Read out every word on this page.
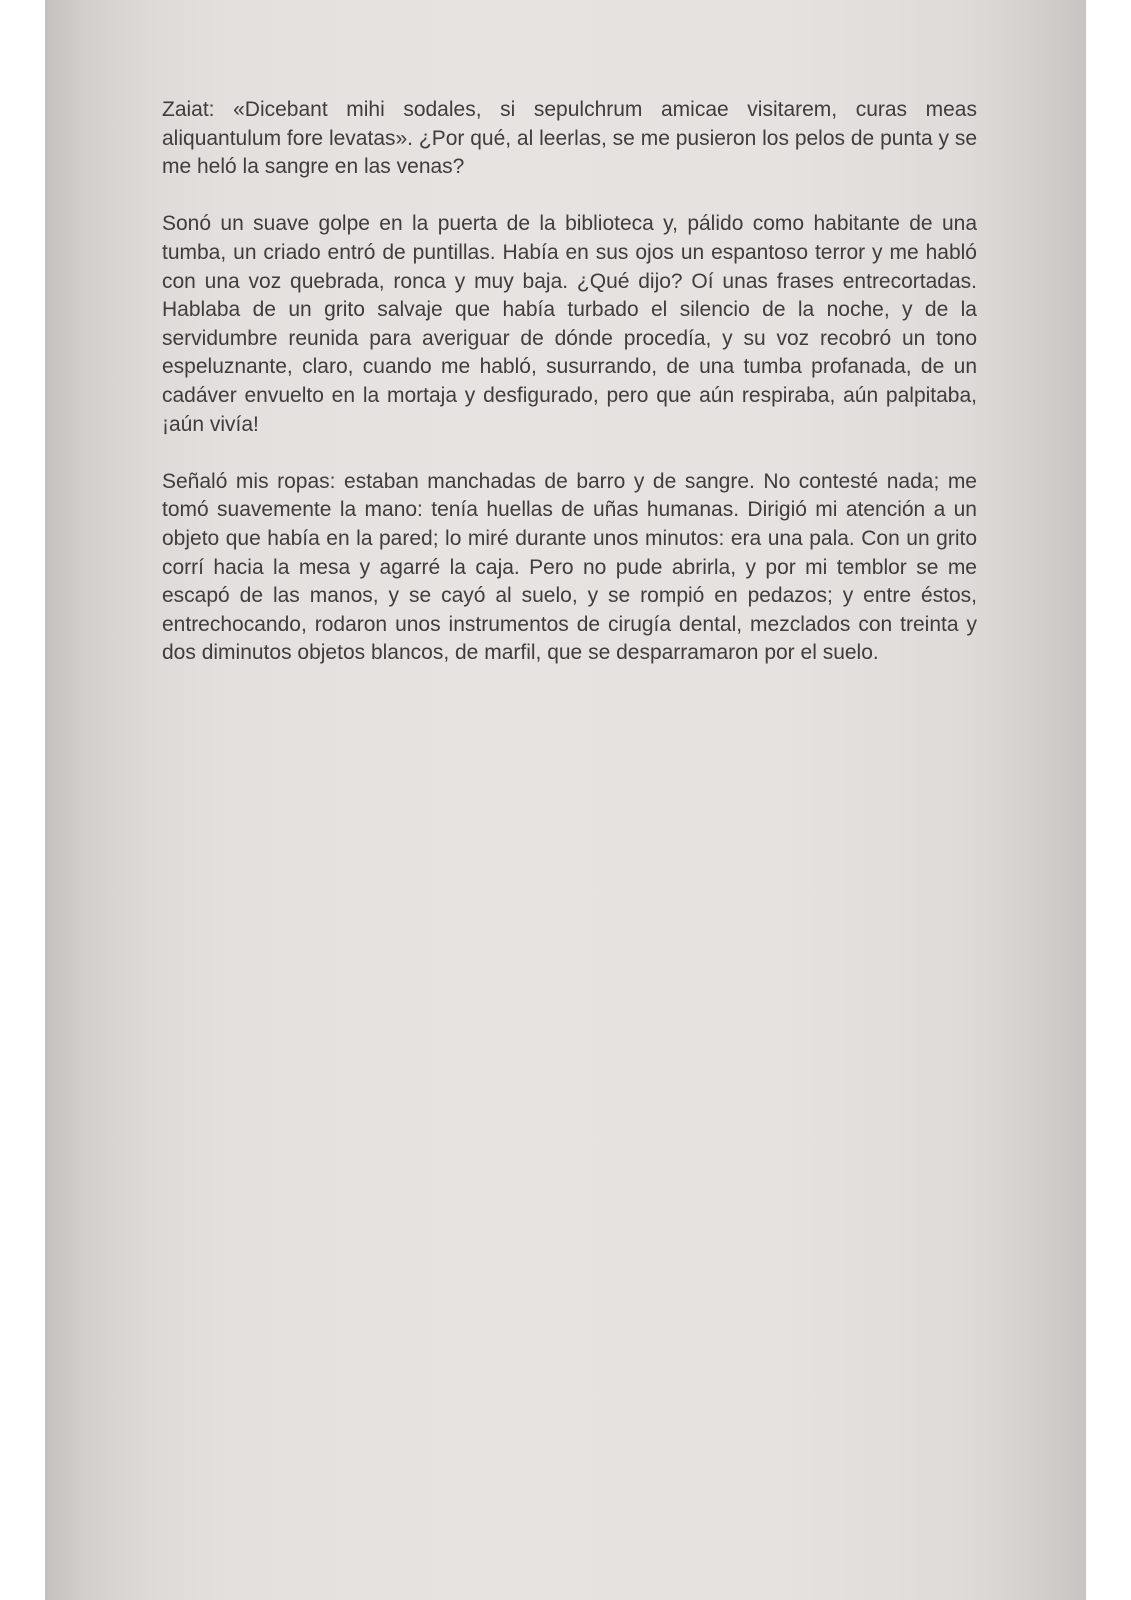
Zaiat: «Dicebant mihi sodales, si sepulchrum amicae visitarem, curas meas aliquantulum fore levatas». ¿Por qué, al leerlas, se me pusieron los pelos de punta y se me heló la sangre en las venas?

Sonó un suave golpe en la puerta de la biblioteca y, pálido como habitante de una tumba, un criado entró de puntillas. Había en sus ojos un espantoso terror y me habló con una voz quebrada, ronca y muy baja. ¿Qué dijo? Oí unas frases entrecortadas. Hablaba de un grito salvaje que había turbado el silencio de la noche, y de la servidumbre reunida para averiguar de dónde procedía, y su voz recobró un tono espeluznante, claro, cuando me habló, susurrando, de una tumba profanada, de un cadáver envuelto en la mortaja y desfigurado, pero que aún respiraba, aún palpitaba, ¡aún vivía!

Señaló mis ropas: estaban manchadas de barro y de sangre. No contesté nada; me tomó suavemente la mano: tenía huellas de uñas humanas. Dirigió mi atención a un objeto que había en la pared; lo miré durante unos minutos: era una pala. Con un grito corrí hacia la mesa y agarré la caja. Pero no pude abrirla, y por mi temblor se me escapó de las manos, y se cayó al suelo, y se rompió en pedazos; y entre éstos, entrechocando, rodaron unos instrumentos de cirugía dental, mezclados con treinta y dos diminutos objetos blancos, de marfil, que se desparramaron por el suelo.
